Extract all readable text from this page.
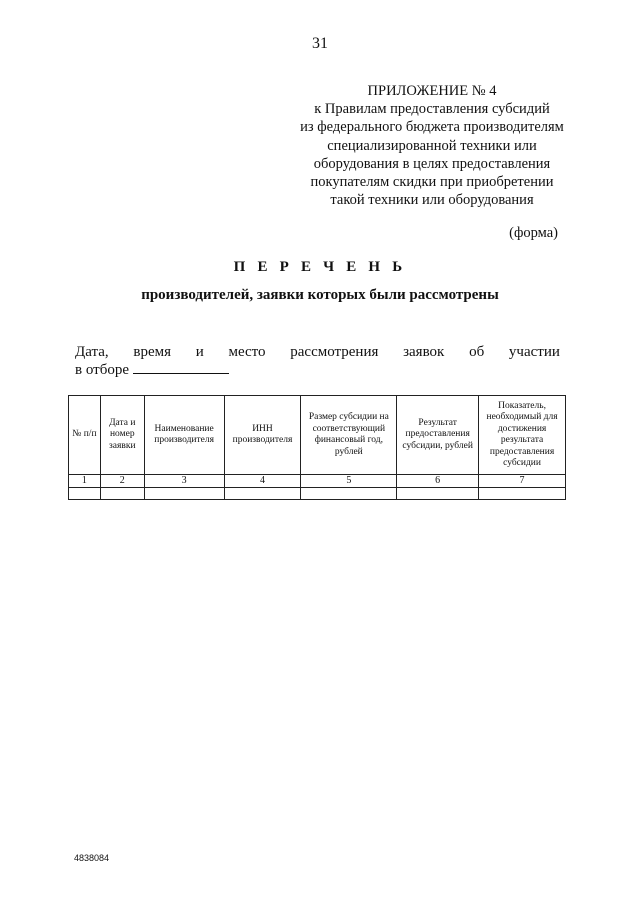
31
ПРИЛОЖЕНИЕ № 4
к Правилам предоставления субсидий
из федерального бюджета производителям
специализированной техники или
оборудования в целях предоставления
покупателям скидки при приобретении
такой техники или оборудования
(форма)
П Е Р Е Ч Е Н Ь
производителей, заявки которых были рассмотрены
Дата, время и место рассмотрения заявок об участии
в отборе
№ п/п	Дата и номер заявки	Наименование производителя	ИНН производителя	Размер субсидии на соответствующий финансовый год, рублей	Результат предоставления субсидии, рублей	Показатель, необходимый для достижения результата предоставления субсидии
1	2	3	4	5	6	7

4838084
